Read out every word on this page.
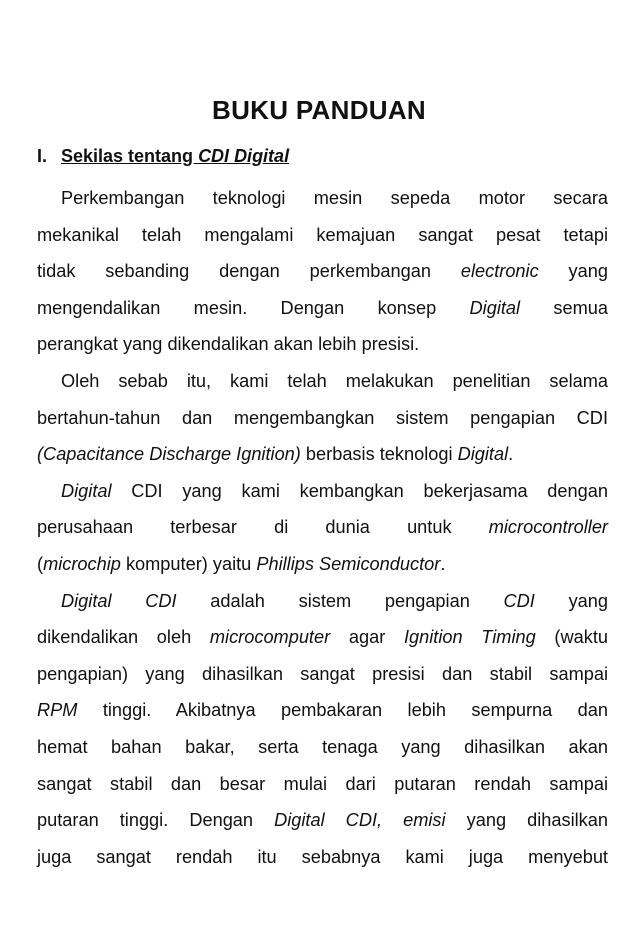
BUKU PANDUAN
I. Sekilas tentang CDI Digital
Perkembangan teknologi mesin sepeda motor secara
mekanikal telah mengalami kemajuan sangat pesat tetapi
tidak sebanding dengan perkembangan electronic yang
mengendalikan mesin. Dengan konsep Digital semua
perangkat yang dikendalikan akan lebih presisi.
Oleh sebab itu, kami telah melakukan penelitian selama
bertahun-tahun dan mengembangkan sistem pengapian CDI
(Capacitance Discharge Ignition) berbasis teknologi Digital.
Digital CDI yang kami kembangkan bekerjasama dengan
perusahaan terbesar di dunia untuk microcontroller
(microchip komputer) yaitu Phillips Semiconductor.
Digital CDI adalah sistem pengapian CDI yang
dikendalikan oleh microcomputer agar Ignition Timing (waktu
pengapian) yang dihasilkan sangat presisi dan stabil sampai
RPM tinggi. Akibatnya pembakaran lebih sempurna dan
hemat bahan bakar, serta tenaga yang dihasilkan akan
sangat stabil dan besar mulai dari putaran rendah sampai
putaran tinggi. Dengan Digital CDI, emisi yang dihasilkan
juga sangat rendah itu sebabnya kami juga menyebut
